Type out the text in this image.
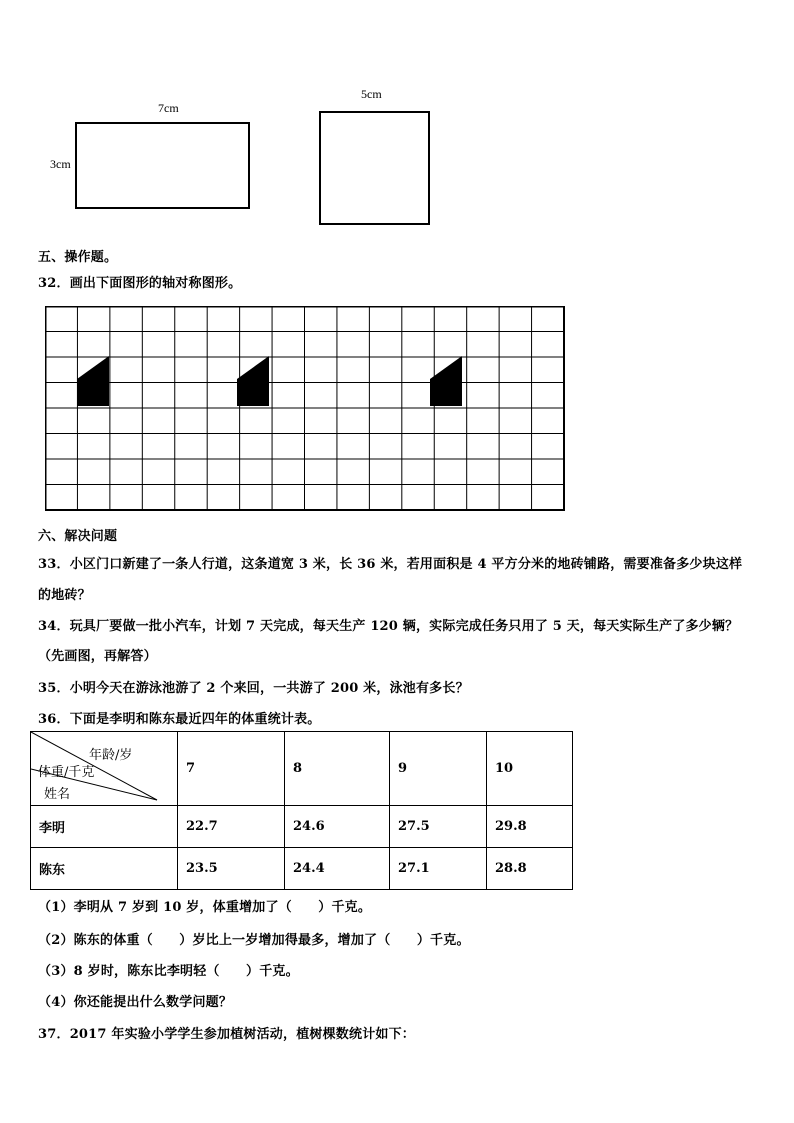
7cm
3cm
5cm
五、操作题。
32．画出下面图形的轴对称图形。
六、解决问题
33．小区门口新建了一条人行道，这条道宽 3 米，长 36 米，若用面积是 4 平方分米的地砖铺路，需要准备多少块这样
的地砖？
34．玩具厂要做一批小汽车，计划 7 天完成，每天生产 120 辆，实际完成任务只用了 5 天，每天实际生产了多少辆？
（先画图，再解答）
35．小明今天在游泳池游了 2 个来回，一共游了 200 米，泳池有多长？
36．下面是李明和陈东最近四年的体重统计表。
年龄/岁
体重/千克
姓名	7	8	9	10
李明	22.7	24.6	27.5	29.8
陈东	23.5	24.4	27.1	28.8
（1）李明从 7 岁到 10 岁，体重增加了（　　）千克。
（2）陈东的体重（　　）岁比上一岁增加得最多，增加了（　　）千克。
（3）8 岁时，陈东比李明轻（　　）千克。
（4）你还能提出什么数学问题？
37．2017 年实验小学学生参加植树活动，植树棵数统计如下：
